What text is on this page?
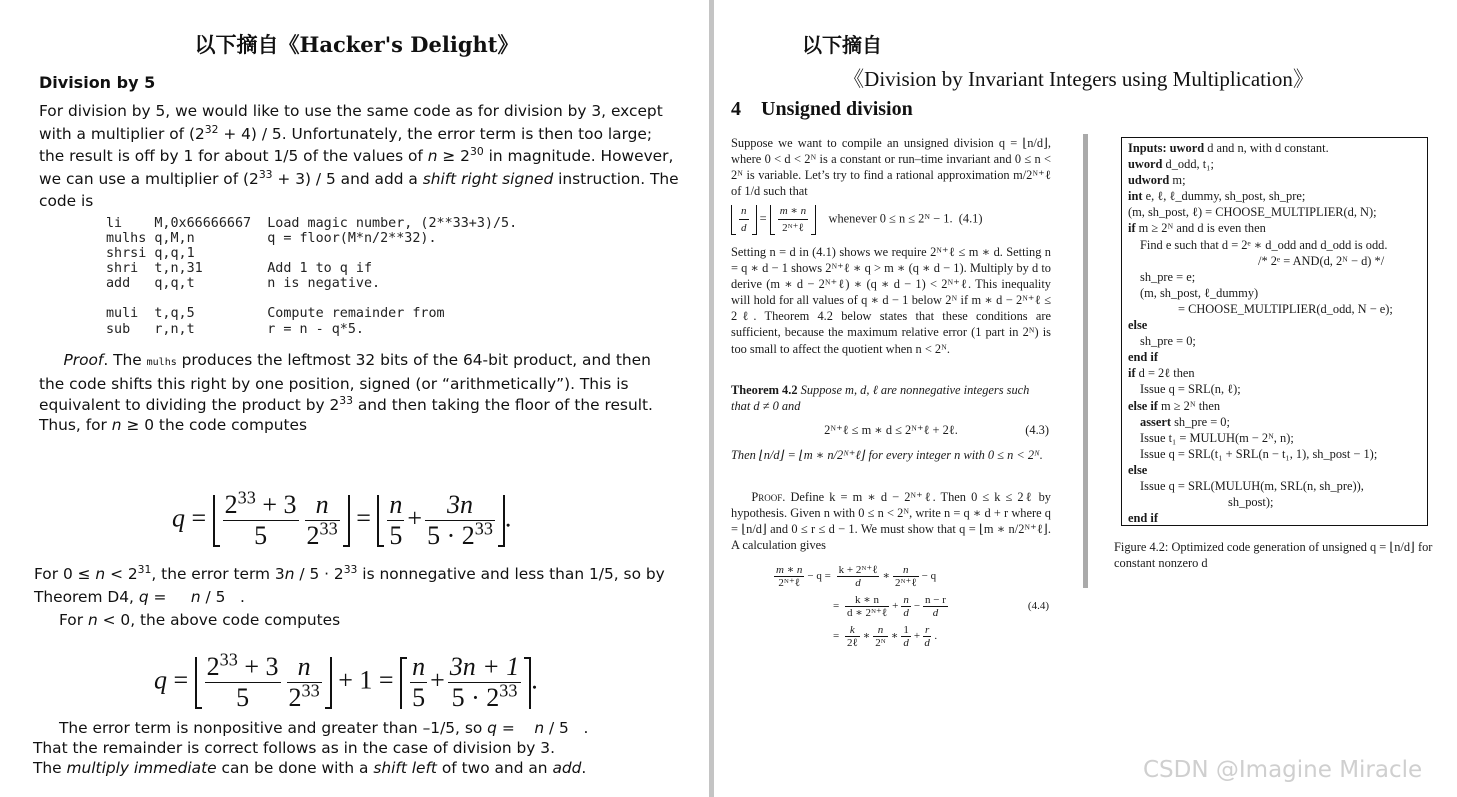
以下摘自《Hacker's Delight》
Division by 5
For division by 5, we would like to use the same code as for division by 3, except with a multiplier of $(2^{32} + 4) / 5$. Unfortunately, the error term is then too large; the result is off by 1 for about 1/5 of the values of $n \ge 2^{30}$ in magnitude. However, we can use a multiplier of $(2^{33} + 3) / 5$ and add a shift right signed instruction. The code is
li    M,0x66666667  Load magic number, (2**33+3)/5.
mulhs q,M,n         q = floor(M*n/2**32).
shrsi q,q,1
shri  t,n,31        Add 1 to q if
add   q,q,t         n is negative.
muli  t,q,5         Compute remainder from
sub   r,n,t         r = n - q*5.
Proof. The mulhs produces the leftmost 32 bits of the 64-bit product, and then the code shifts this right by one position, signed (or “arithmetically”). This is equivalent to dividing the product by $2^{33}$ and then taking the floor of the result. Thus, for n ≥ 0 the code computes
$q = \frac{2^{33} + 3}{5} \frac{n}{2^{33}} = \frac{n}{5} + \frac{3n}{5 \cdot 2^{33}}$ .
For $0 \le n < 2^{31}$, the error term $3n / 5 \cdot 2^{33}$ is nonnegative and less than 1/5, so by Theorem D4, q =     n / 5   .
For n < 0, the above code computes
$q = \frac{2^{33} + 3}{5} \frac{n}{2^{33}} + 1 = \frac{n}{5} + \frac{3n + 1}{5 \cdot 2^{33}}$ .
The error term is nonpositive and greater than –1/5, so q =    n / 5   .
That the remainder is correct follows as in the case of division by 3.
The multiply immediate can be done with a shift left of two and an add.
以下摘自
《Division by Invariant Integers using Multiplication》
4    Unsigned division
Suppose we want to compile an unsigned division q = ⌊n/d⌋, where 0 < d < 2ᴺ is a constant or run–time invariant and 0 ≤ n < 2ᴺ is variable. Let’s try to find a rational approximation m/2ᴺ⁺ℓ of 1/d such that
$\frac{n}{d} = \frac{m ∗ n}{\text{2ᴺ⁺ℓ}}$ whenever 0 ≤ n ≤ 2ᴺ − 1. (4.1)
Setting n = d in (4.1) shows we require 2ᴺ⁺ℓ ≤ m ∗ d. Setting n = q ∗ d − 1 shows 2ᴺ⁺ℓ ∗ q > m ∗ (q ∗ d − 1). Multiply by d to derive (m ∗ d − 2ᴺ⁺ℓ) ∗ (q ∗ d − 1) < 2ᴺ⁺ℓ. This inequality will hold for all values of q ∗ d − 1 below 2ᴺ if m ∗ d − 2ᴺ⁺ℓ ≤ 2ℓ. Theorem 4.2 below states that these conditions are sufficient, because the maximum relative error (1 part in 2ᴺ) is too small to affect the quotient when n < 2ᴺ.
Theorem 4.2 Suppose m, d, ℓ are nonnegative integers such that d ≠ 0 and
2ᴺ⁺ℓ ≤ m ∗ d ≤ 2ᴺ⁺ℓ + 2ℓ.	(4.3)
Then ⌊n/d⌋ = ⌊m ∗ n/2ᴺ⁺ℓ⌋ for every integer n with 0 ≤ n < 2ᴺ.
Proof. Define k = m ∗ d − 2ᴺ⁺ℓ. Then 0 ≤ k ≤ 2ℓ by hypothesis. Given n with 0 ≤ n < 2ᴺ, write n = q ∗ d + r where q = ⌊n/d⌋ and 0 ≤ r ≤ d − 1. We must show that q = ⌊m ∗ n/2ᴺ⁺ℓ⌋. A calculation gives
$\frac{m ∗ n}{\text{2ᴺ⁺ℓ}} - q = \frac{\text{k + 2ᴺ⁺ℓ}}{d}$ ∗ $\frac{n}{\text{2ᴺ⁺ℓ}} - q$
= $\frac{k ∗ n}{\text{d ∗ 2ᴺ⁺ℓ}} + \frac{n}{d} - \frac{n - r}{d}$	(4.4)
= $\frac{k}{\text{2ℓ}}$ ∗ $\frac{n}{\text{2ᴺ}}$ ∗ $\frac{1}{d} + \frac{r}{d}$ .
Inputs: uword d and n, with d constant.
uword d_odd, t₁;
udword m;
int e, ℓ, ℓ_dummy, sh_post, sh_pre;
(m, sh_post, ℓ) = CHOOSE_MULTIPLIER(d, N);
if m ≥ 2ᴺ and d is even then
Find e such that d = 2ᵉ ∗ d_odd and d_odd is odd.
/* 2ᵉ = AND(d, 2ᴺ − d) */
sh_pre = e;
(m, sh_post, ℓ_dummy)
= CHOOSE_MULTIPLIER(d_odd, N − e);
else
sh_pre = 0;
end if
if d = 2ℓ then
Issue q = SRL(n, ℓ);
else if m ≥ 2ᴺ then
assert sh_pre = 0;
Issue t₁ = MULUH(m − 2ᴺ, n);
Issue q = SRL(t₁ + SRL(n − t₁, 1), sh_post − 1);
else
Issue q = SRL(MULUH(m, SRL(n, sh_pre)),
sh_post);
end if
Figure 4.2: Optimized code generation of unsigned q = ⌊n/d⌋ for constant nonzero d
CSDN @Imagine Miracle
